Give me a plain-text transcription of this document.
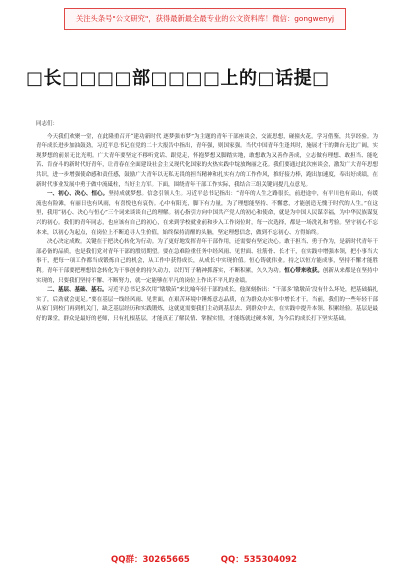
关注头条号"公文研究"，获得最新最全最专业的公文资料库！微信：gongwenyj
□长□□□□部□□□□上的□话提□

同志们：

今天我们欢聚一堂，在此隆重召开“建功新时代 逐梦强市梦”为主题的青年干部座谈会，交流思想，碰撞火花，学习借鉴，共享经验。为青年成长进步加油鼓劲，习近平总书记在党的二十大报告中指出，青年强，则国家强。当代中国青年生逢其时，施展才干的舞台无比广阔，实现梦想的前景无比光明。广大青年要坚定不移听党话、跟党走，怀抱梦想又脚踏实地，敢想敢为又善作善成，立志做有理想、敢担当、能吃苦、肯奋斗的新时代好青年，让青春在全面建设社会主义现代化国家的火热实践中绽放绚丽之花。我们要通过此次座谈会，激发广大青年思想共识，进一步增强使命感和责任感，鼓励广大青年以无私无畏的担当精神和扎实有力的工作作风，推好接力棒，跑出加速度，奉出好成绩，在新时代事业发展中勇于做中流砥柱，当好主力军。下面，围绕青年干部工作实际，我结合三组关键词提几点意见。

一、初心、决心、恒心。坚持成就梦想。信念引领人生。习近平总书记指出：“青年的人生之路很长，前进途中，有平川也有高山，有缓流也有险滩，有丽日也有风雨，有喜悦也有哀伤。心中有阳光，脚下有力量，为了理想能坚持、不懈怠，才能创造无愧于时代的人生。”在这里，我用“初心、决心与恒心”三个词来谈谈自己的理解。初心指引方向中国共产党人的初心和使命，就是为中国人民谋幸福，为中华民族谋复兴的初心。我们的青年同志，也应该有自己的初心，在来到学校就业前和步入工作岗位时，每一次选择，都是一场洗礼和考验。坚守初心不忘本来，以初心为起点，在岗位上不断追寻人生价值，始终保持清醒的头脑，坚定理想信念，做到不忘初心、方得始终。

决心决定成败。关键在于把决心转化为行动。为了更好地发挥青年干部作用，还需要有坚定决心。敢于担当、勇于作为，是新时代青年干部必备的品质，也是我们党对青年干部的殷切期望。要在急难险重任务中经风雨、见世面、壮筋骨、长才干，在实践中增强本领，把小事当大事干，把每一项工作都当成锻炼自己的机会，从工作中获得成长，从成长中实现价值。恒心铸就伟业。持之以恒方能成事，坚持不懈才能胜利。青年干部要把理想信念转化为干事创业的持久动力，以钉钉子精神抓落实，不断积累，久久为功。恒心带来收获。创新从来都是在坚持中实现的，只要我们坚持不懈、不断努力，就一定能够在平凡的岗位上作出不平凡的业绩。

二、基层、基础、基石。习近平总书记多次用“墩墩苗”来比喻年轻干部的成长，他深刻指出：“干部多‘墩墩苗’没有什么坏处，把基础搞扎实了，后劲就会更足。”要在基层一线经风雨、见世面，在艰苦环境中锤炼意志品质，在为群众办实事中增长才干。当前，我们的一些年轻干部从家门到校门再到机关门，缺乏基层经历和实践锻炼，这就更需要我们主动到基层去、到群众中去，在实践中提升本领、积累经验。基层是最好的课堂，群众是最好的老师，只有扎根基层，才能真正了解民情、掌握实情，才能练就过硬本领，为今后的成长打下坚实基础。

QQ群：30265665	QQ：535304092
